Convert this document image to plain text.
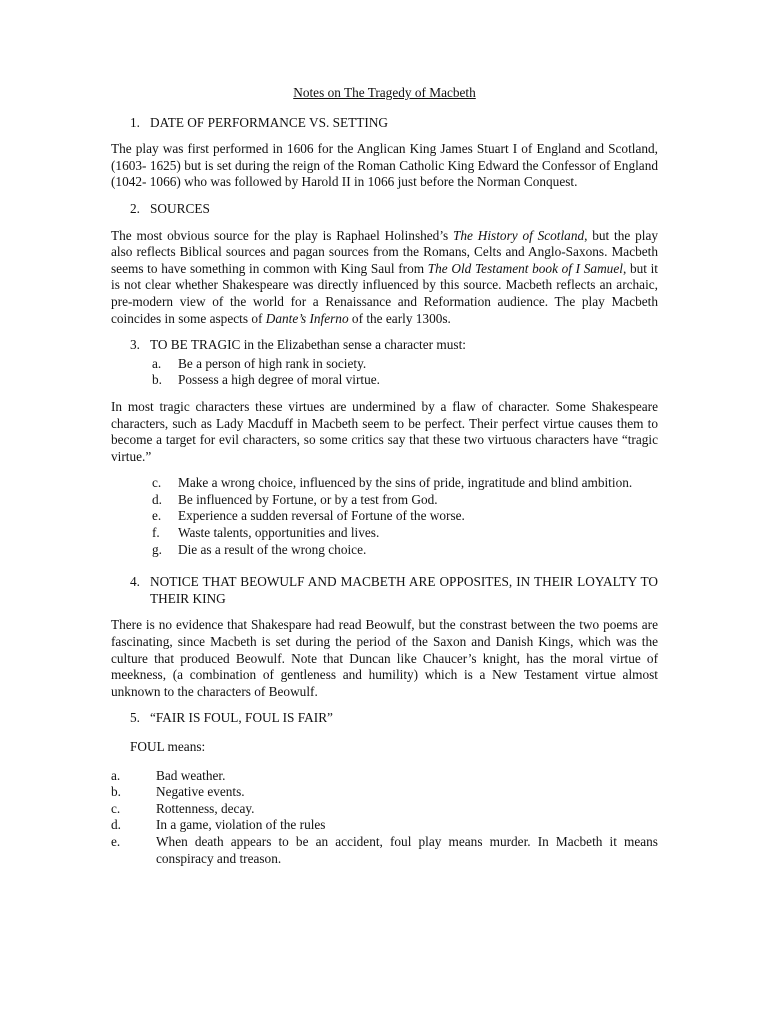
Notes on The Tragedy of Macbeth
1. DATE OF PERFORMANCE VS. SETTING

The play was first performed in 1606 for the Anglican King James Stuart I of England and Scotland, (1603- 1625) but is set during the reign of the Roman Catholic King Edward the Confessor of England (1042- 1066) who was followed by Harold II in 1066 just before the Norman Conquest.

2. SOURCES

The most obvious source for the play is Raphael Holinshed’s The History of Scotland, but the play also reflects Biblical sources and pagan sources from the Romans, Celts and Anglo-Saxons. Macbeth seems to have something in common with King Saul from The Old Testament book of I Samuel, but it is not clear whether Shakespeare was directly influenced by this source. Macbeth reflects an archaic, pre-modern view of the world for a Renaissance and Reformation audience. The play Macbeth coincides in some aspects of Dante’s Inferno of the early 1300s.

3. TO BE TRAGIC in the Elizabethan sense a character must:
a.	Be a person of high rank in society.
b.	Possess a high degree of moral virtue.

In most tragic characters these virtues are undermined by a flaw of character. Some Shakespeare characters, such as Lady Macduff in Macbeth seem to be perfect. Their perfect virtue causes them to become a target for evil characters, so some critics say that these two virtuous characters have “tragic virtue.”

c.	Make a wrong choice, influenced by the sins of pride, ingratitude and blind ambition.
d.	Be influenced by Fortune, or by a test from God.
e.	Experience a sudden reversal of Fortune of the worse.
f.	Waste talents, opportunities and lives.
g.	Die as a result of the wrong choice.
4. NOTICE THAT BEOWULF AND MACBETH ARE OPPOSITES, IN THEIR LOYALTY TO THEIR KING

There is no evidence that Shakespare had read Beowulf, but the constrast between the two poems are fascinating, since Macbeth is set during the period of the Saxon and Danish Kings, which was the culture that produced Beowulf. Note that Duncan like Chaucer’s knight, has the moral virtue of meekness, (a combination of gentleness and humility) which is a New Testament virtue almost unknown to the characters of Beowulf.

5. “FAIR IS FOUL, FOUL IS FAIR”
FOUL means:
a.	Bad weather.
b.	Negative events.
c.	Rottenness, decay.
d.	In a game, violation of the rules
e.	When death appears to be an accident, foul play means murder. In Macbeth it means conspiracy and treason.
